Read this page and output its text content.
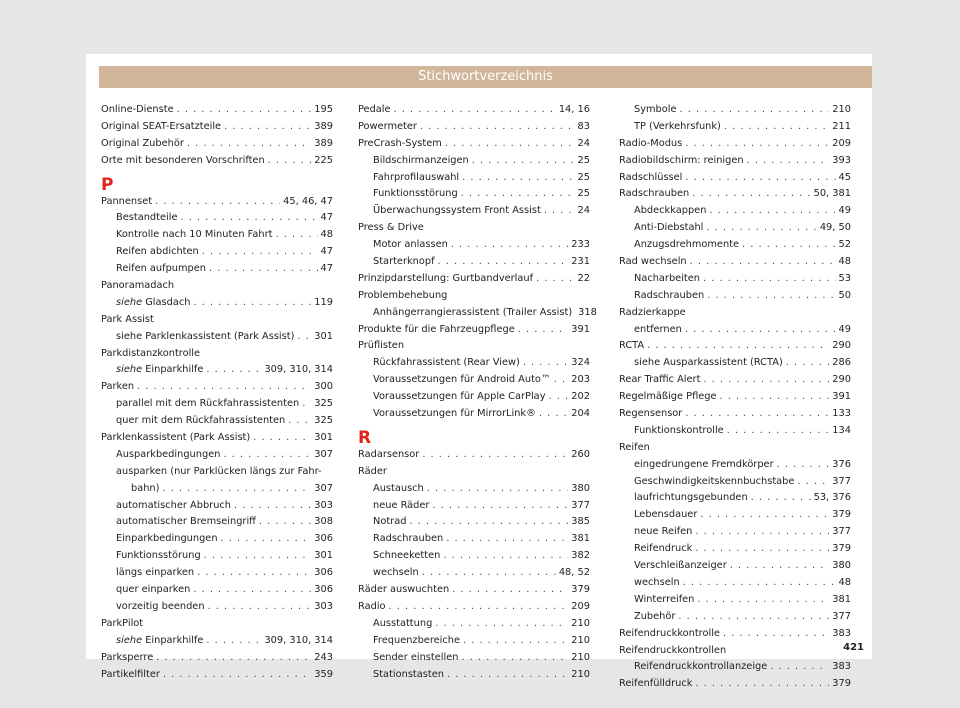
Stichwortverzeichnis
Online-Dienste . . .	195
Original SEAT-Ersatzteile . . .	389
Original Zubehör . . .	389
Orte mit besonderen Vorschriften . . .	225
P
Pannenset . . .	45, 46, 47
Bestandteile . . .	47
Kontrolle nach 10 Minuten Fahrt . . .	48
Reifen abdichten . . .	47
Reifen aufpumpen . . .	47
Panoramadach
siehe Glasdach . . .	119
Park Assist
siehe Parklenkassistent (Park Assist) . . . 301
Parkdistanzkontrolle
siehe Einparkhilfe . . .	309, 310, 314
Parken . . .	300
parallel mit dem Rückfahrassistenten . . . 325
quer mit dem Rückfahrassistenten . . .	325
Parklenkassistent (Park Assist) . . .	301
Ausparkbedingungen . . .	307
ausparken (nur Parklücken längs zur Fahr-
bahn) . . .	307
automatischer Abbruch . . .	303
automatischer Bremseingriff . . .	308
Einparkbedingungen . . .	306
Funktionsstörung . . .	301
längs einparken . . .	306
quer einparken . . .	306
vorzeitig beenden . . .	303
ParkPilot
siehe Einparkhilfe . . .	309, 310, 314
Parksperre . . .	243
Partikelfilter . . .	359
Pedale . . .	14, 16
Powermeter . . .	83
PreCrash-System . . .	24
Bildschirmanzeigen . . .	25
Fahrprofilauswahl . . .	25
Funktionsstörung . . .	25
Überwachungssystem Front Assist . . .	24
Press & Drive
Motor anlassen . . .	233
Starterknopf . . .	231
Prinzipdarstellung: Gurtbandverlauf . . .	22
Problembehebung
Anhängerrangierassistent (Trailer Assist) 318
Produkte für die Fahrzeugpflege . . .	391
Prüflisten
Rückfahrassistent (Rear View) . . .	324
Voraussetzungen für Android Auto™ . . . 203
Voraussetzungen für Apple CarPlay . . .	202
Voraussetzungen für MirrorLink® . . .	204
R
Radarsensor . . .	260
Räder
Austausch . . .	380
neue Räder . . .	377
Notrad . . .	385
Radschrauben . . .	381
Schneeketten . . .	382
wechseln . . .	48, 52
Räder auswuchten . . .	379
Radio . . .	209
Ausstattung . . .	210
Frequenzbereiche . . .	210
Sender einstellen . . .	210
Stationstasten . . .	210
Symbole . . .	210
TP (Verkehrsfunk) . . .	211
Radio-Modus . . .	209
Radiobildschirm: reinigen . . .	393
Radschlüssel . . .	45
Radschrauben . . .	50, 381
Abdeckkappen . . .	49
Anti-Diebstahl . . .	49, 50
Anzugsdrehmomente . . .	52
Rad wechseln . . .	48
Nacharbeiten . . .	53
Radschrauben . . .	50
Radzierkappe
entfernen . . .	49
RCTA . . .	290
siehe Ausparkassistent (RCTA) . . .	286
Rear Traffic Alert . . .	290
Regelmäßige Pflege . . .	391
Regensensor . . .	133
Funktionskontrolle . . .	134
Reifen
eingedrungene Fremdkörper . . .	376
Geschwindigkeitskennbuchstabe . . .	377
laufrichtungsgebunden . . .	53, 376
Lebensdauer . . .	379
neue Reifen . . .	377
Reifendruck . . .	379
Verschleißanzeiger . . .	380
wechseln . . .	48
Winterreifen . . .	381
Zubehör . . .	377
Reifendruckkontrolle . . .	383
Reifendruckkontrollen
Reifendruckkontrollanzeige . . .	383
Reifenfülldruck . . .	379
421
